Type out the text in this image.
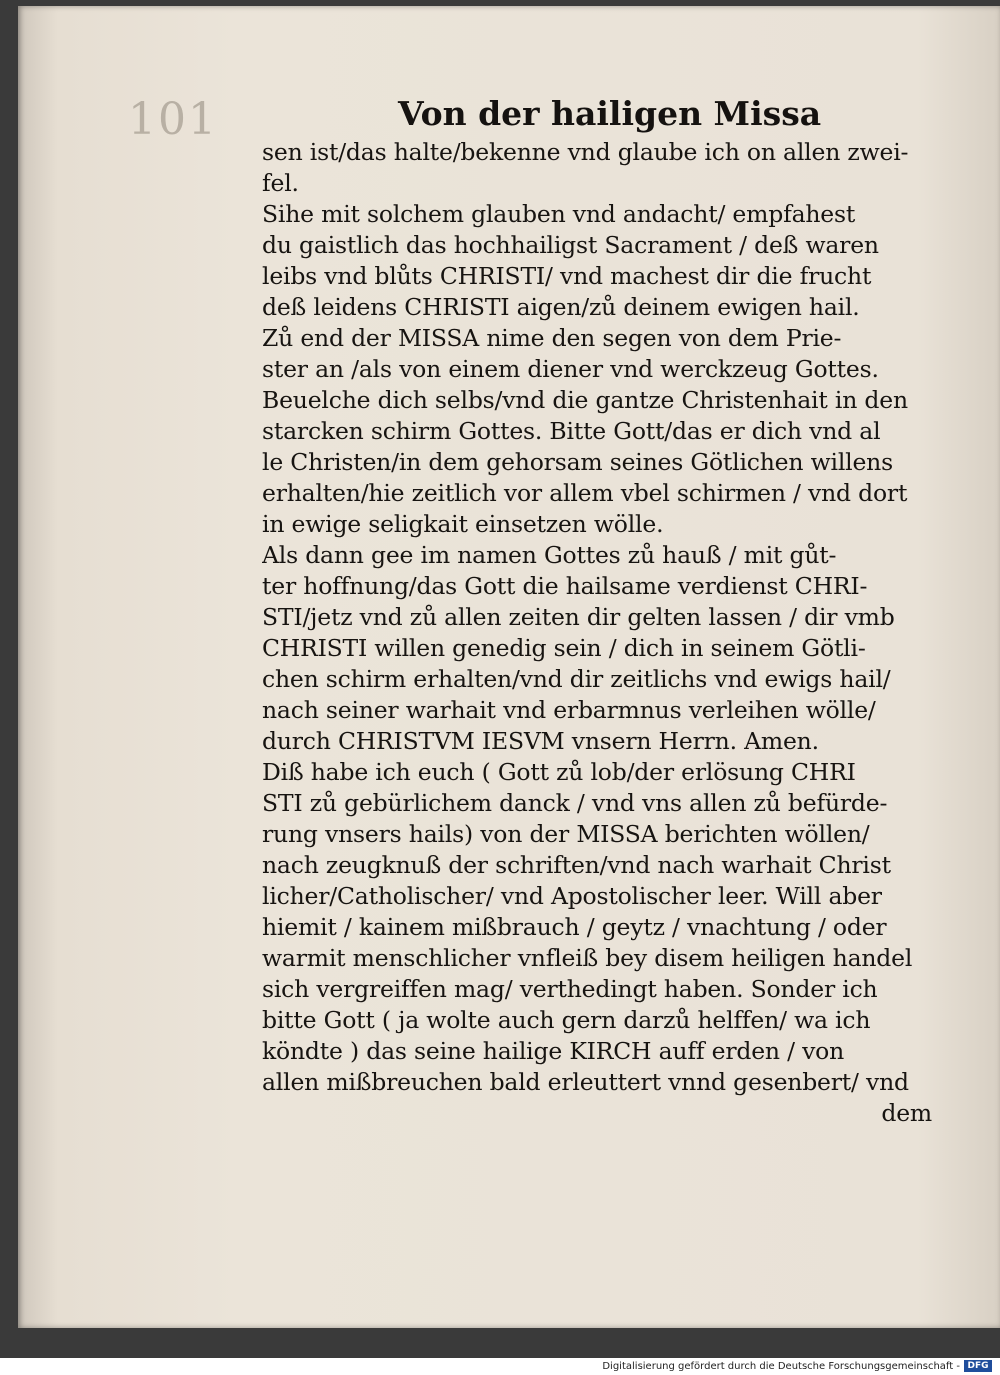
101	Von der hailigen Missa
sen ist/das halte/bekenne vnd glaube ich on allen zwei-
fel.
Sihe mit solchem glauben vnd andacht/ empfahest
du gaistlich das hochhailigst Sacrament / deß waren
leibs vnd blůts CHRISTI/ vnd machest dir die frucht
deß leidens CHRISTI aigen/zů deinem ewigen hail.
Zů end der MISSA nime den segen von dem Prie-
ster an /als von einem diener vnd werckzeug Gottes.
Beuelche dich selbs/vnd die gantze Christenhait in den
starcken schirm Gottes. Bitte Gott/das er dich vnd al
le Christen/in dem gehorsam seines Götlichen willens
erhalten/hie zeitlich vor allem vbel schirmen / vnd dort
in ewige seligkait einsetzen wölle.
Als dann gee im namen Gottes zů hauß / mit gůt-
ter hoffnung/das Gott die hailsame verdienst CHRI-
STI/jetz vnd zů allen zeiten dir gelten lassen / dir vmb
CHRISTI willen genedig sein / dich in seinem Götli-
chen schirm erhalten/vnd dir zeitlichs vnd ewigs hail/
nach seiner warhait vnd erbarmnus verleihen wölle/
durch CHRISTVM IESVM vnsern Herrn. Amen.
Diß habe ich euch ( Gott zů lob/der erlösung CHRI
STI zů gebürlichem danck / vnd vns allen zů befürde-
rung vnsers hails) von der MISSA berichten wöllen/
nach zeugknuß der schriften/vnd nach warhait Christ
licher/Catholischer/ vnd Apostolischer leer. Will aber
hiemit / kainem mißbrauch / geytz / vnachtung / oder
warmit menschlicher vnfleiß bey disem heiligen handel
sich vergreiffen mag/ verthedingt haben. Sonder ich
bitte Gott ( ja wolte auch gern darzů helffen/ wa ich
köndte ) das seine hailige KIRCH auff erden / von
allen mißbreuchen bald erleuttert vnnd gesenbert/ vnd
dem
Digitalisierung gefördert durch die Deutsche Forschungsgemeinschaft - DFG
